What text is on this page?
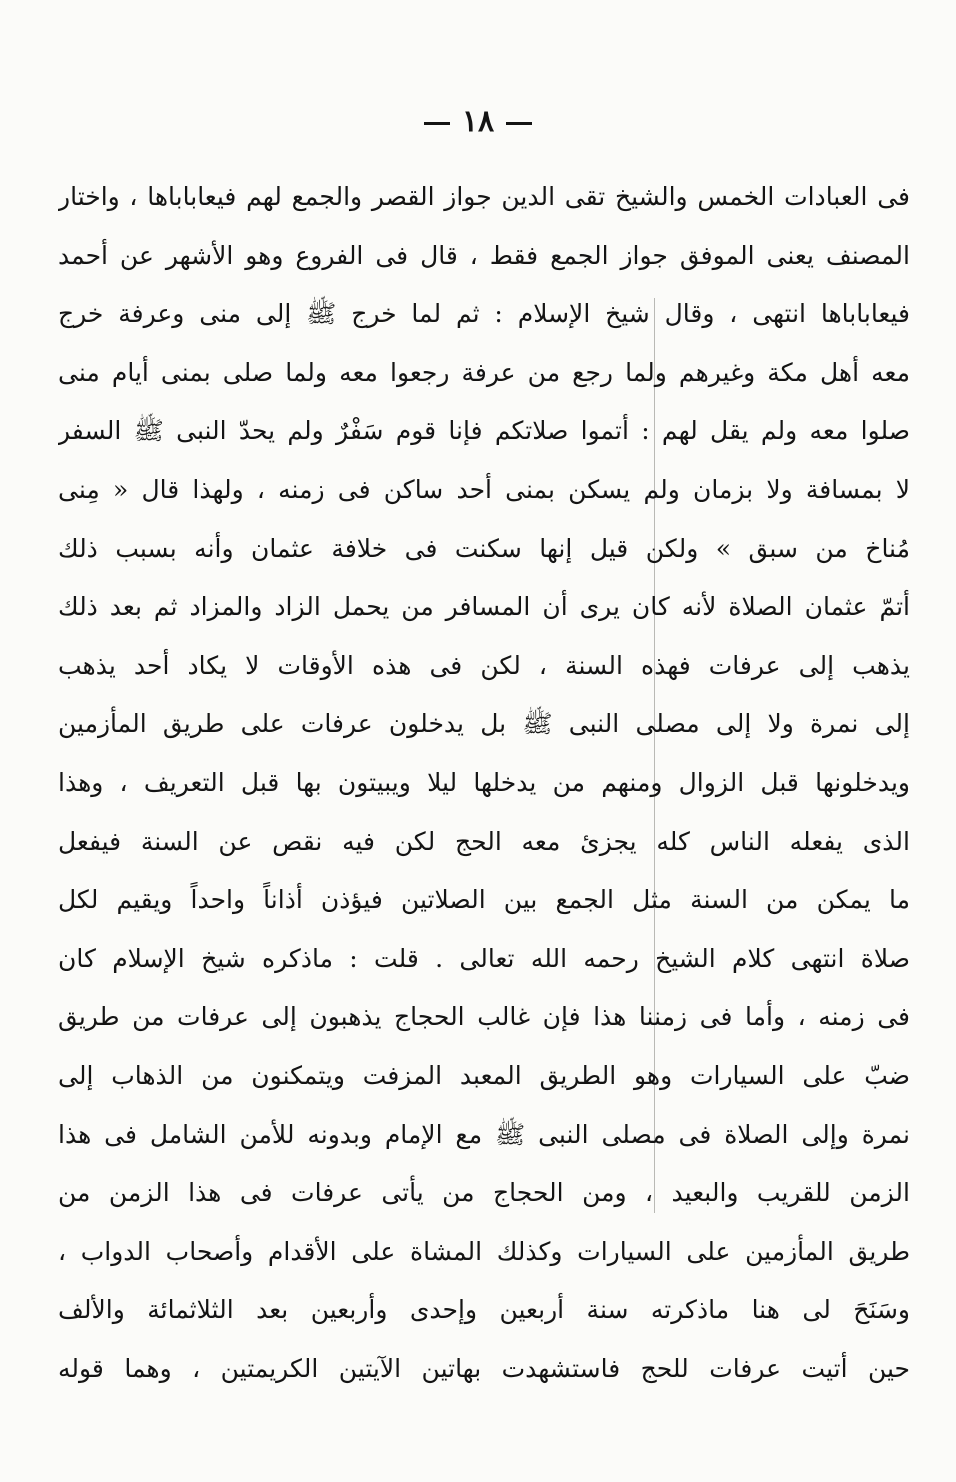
١٨
فى العبادات الخمس والشيخ تقى الدين جواز القصر والجمع لهم فيعاباباها ، واختار
المصنف يعنى الموفق جواز الجمع فقط ، قال فى الفروع وهو الأشهر عن أحمد
فيعاباباها انتهى ، وقال شيخ الإسلام : ثم لما خرج ﷺ إلى منى وعرفة خرج
معه أهل مكة وغيرهم ولما رجع من عرفة رجعوا معه ولما صلى بمنى أيام منى
صلوا معه ولم يقل لهم : أتموا صلاتكم فإنا قوم سَفْرٌ ولم يحدّ النبى ﷺ السفر
لا بمسافة ولا بزمان ولم يسكن بمنى أحد ساكن فى زمنه ، ولهذا قال « مِنى
مُناخ من سبق » ولكن قيل إنها سكنت فى خلافة عثمان وأنه بسبب ذلك
أتمّ عثمان الصلاة لأنه كان يرى أن المسافر من يحمل الزاد والمزاد ثم بعد ذلك
يذهب إلى عرفات فهذه السنة ، لكن فى هذه الأوقات لا يكاد أحد يذهب
إلى نمرة ولا إلى مصلى النبى ﷺ بل يدخلون عرفات على طريق المأزمين
ويدخلونها قبل الزوال ومنهم من يدخلها ليلا ويبيتون بها قبل التعريف ، وهذا
الذى يفعله الناس كله يجزئ معه الحج لكن فيه نقص عن السنة فيفعل
ما يمكن من السنة مثل الجمع بين الصلاتين فيؤذن أذاناً واحداً ويقيم لكل
صلاة انتهى كلام الشيخ رحمه الله تعالى . قلت : ماذكره شيخ الإسلام كان
فى زمنه ، وأما فى زمننا هذا فإن غالب الحجاج يذهبون إلى عرفات من طريق
ضبّ على السيارات وهو الطريق المعبد المزفت ويتمكنون من الذهاب إلى
نمرة وإلى الصلاة فى مصلى النبى ﷺ مع الإمام وبدونه للأمن الشامل فى هذا
الزمن للقريب والبعيد ، ومن الحجاج من يأتى عرفات فى هذا الزمن من
طريق المأزمين على السيارات وكذلك المشاة على الأقدام وأصحاب الدواب ،
وسَنَحَ لى هنا ماذكرته سنة أربعين وإحدى وأربعين بعد الثلاثمائة والألف
حين أتيت عرفات للحج فاستشهدت بهاتين الآيتين الكريمتين ، وهما قوله
